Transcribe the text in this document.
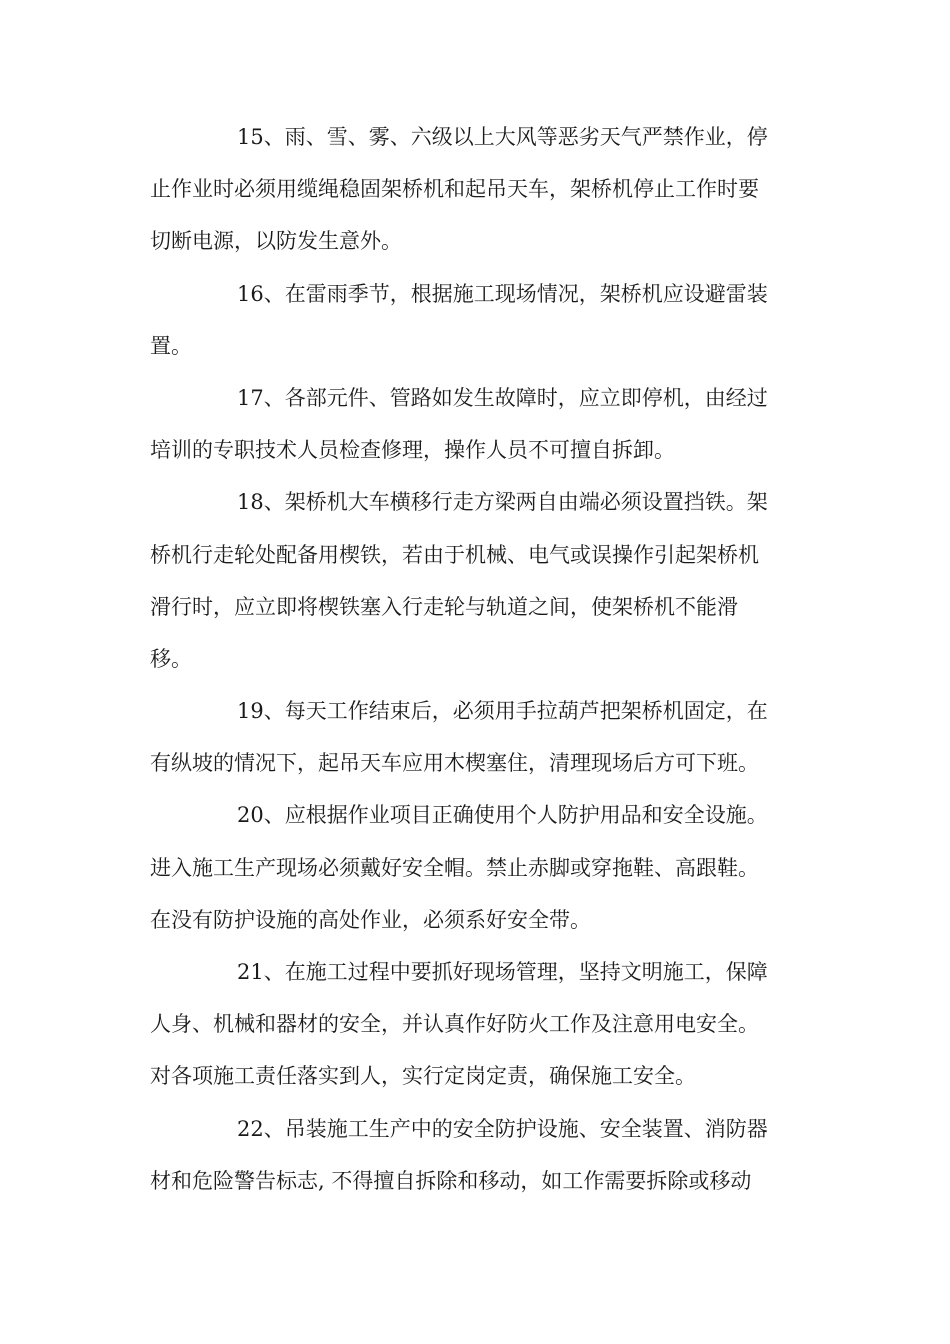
15、雨、雪、雾、六级以上大风等恶劣天气严禁作业，停
止作业时必须用缆绳稳固架桥机和起吊天车，架桥机停止工作时要
切断电源，以防发生意外。
16、在雷雨季节，根据施工现场情况，架桥机应设避雷装
置。
17、各部元件、管路如发生故障时，应立即停机，由经过
培训的专职技术人员检查修理，操作人员不可擅自拆卸。
18、架桥机大车横移行走方梁两自由端必须设置挡铁。架
桥机行走轮处配备用楔铁，若由于机械、电气或误操作引起架桥机
滑行时，应立即将楔铁塞入行走轮与轨道之间，使架桥机不能滑
移。
19、每天工作结束后，必须用手拉葫芦把架桥机固定，在
有纵坡的情况下，起吊天车应用木楔塞住，清理现场后方可下班。
20、应根据作业项目正确使用个人防护用品和安全设施。
进入施工生产现场必须戴好安全帽。禁止赤脚或穿拖鞋、高跟鞋。
在没有防护设施的高处作业，必须系好安全带。
21、在施工过程中要抓好现场管理，坚持文明施工，保障
人身、机械和器材的安全，并认真作好防火工作及注意用电安全。
对各项施工责任落实到人，实行定岗定责，确保施工安全。
22、吊装施工生产中的安全防护设施、安全装置、消防器
材和危险警告标志, 不得擅自拆除和移动，如工作需要拆除或移动
